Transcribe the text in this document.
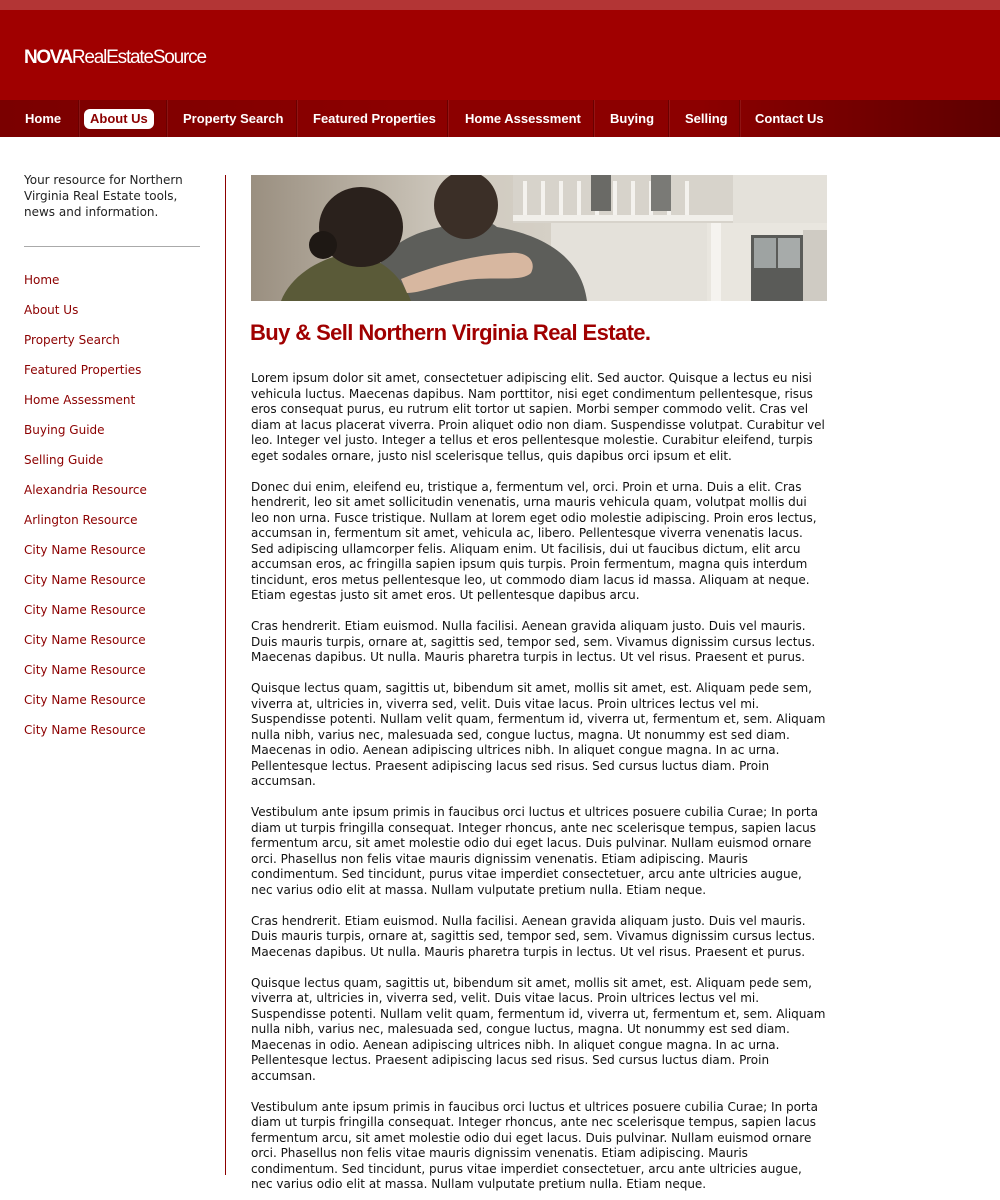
NOVARealEstateSource
Home	About Us	Property Search Featured Properties Home Assessment Buying Selling Contact Us

Your resource for Northern Virginia Real Estate tools, news and information.

Home
About Us
Property Search
Featured Properties
Home Assessment
Buying Guide
Selling Guide
Alexandria Resource
Arlington Resource
City Name Resource
City Name Resource
City Name Resource
City Name Resource
City Name Resource
City Name Resource
City Name Resource
Buy & Sell Northern Virginia Real Estate.

Lorem ipsum dolor sit amet, consectetuer adipiscing elit. Sed auctor. Quisque a lectus eu nisi vehicula luctus. Maecenas dapibus. Nam porttitor, nisi eget condimentum pellentesque, risus eros consequat purus, eu rutrum elit tortor ut sapien. Morbi semper commodo velit. Cras vel diam at lacus placerat viverra. Proin aliquet odio non diam. Suspendisse volutpat. Curabitur vel leo. Integer vel justo. Integer a tellus et eros pellentesque molestie. Curabitur eleifend, turpis eget sodales ornare, justo nisl scelerisque tellus, quis dapibus orci ipsum et elit.

Donec dui enim, eleifend eu, tristique a, fermentum vel, orci. Proin et urna. Duis a elit. Cras hendrerit, leo sit amet sollicitudin venenatis, urna mauris vehicula quam, volutpat mollis dui leo non urna. Fusce tristique. Nullam at lorem eget odio molestie adipiscing. Proin eros lectus, accumsan in, fermentum sit amet, vehicula ac, libero. Pellentesque viverra venenatis lacus. Sed adipiscing ullamcorper felis. Aliquam enim. Ut facilisis, dui ut faucibus dictum, elit arcu accumsan eros, ac fringilla sapien ipsum quis turpis. Proin fermentum, magna quis interdum tincidunt, eros metus pellentesque leo, ut commodo diam lacus id massa. Aliquam at neque. Etiam egestas justo sit amet eros. Ut pellentesque dapibus arcu.

Cras hendrerit. Etiam euismod. Nulla facilisi. Aenean gravida aliquam justo. Duis vel mauris. Duis mauris turpis, ornare at, sagittis sed, tempor sed, sem. Vivamus dignissim cursus lectus. Maecenas dapibus. Ut nulla. Mauris pharetra turpis in lectus. Ut vel risus. Praesent et purus.

Quisque lectus quam, sagittis ut, bibendum sit amet, mollis sit amet, est. Aliquam pede sem, viverra at, ultricies in, viverra sed, velit. Duis vitae lacus. Proin ultrices lectus vel mi. Suspendisse potenti. Nullam velit quam, fermentum id, viverra ut, fermentum et, sem. Aliquam nulla nibh, varius nec, malesuada sed, congue luctus, magna. Ut nonummy est sed diam. Maecenas in odio. Aenean adipiscing ultrices nibh. In aliquet congue magna. In ac urna. Pellentesque lectus. Praesent adipiscing lacus sed risus. Sed cursus luctus diam. Proin accumsan.

Vestibulum ante ipsum primis in faucibus orci luctus et ultrices posuere cubilia Curae; In porta diam ut turpis fringilla consequat. Integer rhoncus, ante nec scelerisque tempus, sapien lacus fermentum arcu, sit amet molestie odio dui eget lacus. Duis pulvinar. Nullam euismod ornare orci. Phasellus non felis vitae mauris dignissim venenatis. Etiam adipiscing. Mauris condimentum. Sed tincidunt, purus vitae imperdiet consectetuer, arcu ante ultricies augue, nec varius odio elit at massa. Nullam vulputate pretium nulla. Etiam neque.

Cras hendrerit. Etiam euismod. Nulla facilisi. Aenean gravida aliquam justo. Duis vel mauris. Duis mauris turpis, ornare at, sagittis sed, tempor sed, sem. Vivamus dignissim cursus lectus. Maecenas dapibus. Ut nulla. Mauris pharetra turpis in lectus. Ut vel risus. Praesent et purus.

Quisque lectus quam, sagittis ut, bibendum sit amet, mollis sit amet, est. Aliquam pede sem, viverra at, ultricies in, viverra sed, velit. Duis vitae lacus. Proin ultrices lectus vel mi. Suspendisse potenti. Nullam velit quam, fermentum id, viverra ut, fermentum et, sem. Aliquam nulla nibh, varius nec, malesuada sed, congue luctus, magna. Ut nonummy est sed diam. Maecenas in odio. Aenean adipiscing ultrices nibh. In aliquet congue magna. In ac urna. Pellentesque lectus. Praesent adipiscing lacus sed risus. Sed cursus luctus diam. Proin accumsan.

Vestibulum ante ipsum primis in faucibus orci luctus et ultrices posuere cubilia Curae; In porta diam ut turpis fringilla consequat. Integer rhoncus, ante nec scelerisque tempus, sapien lacus fermentum arcu, sit amet molestie odio dui eget lacus. Duis pulvinar. Nullam euismod ornare orci. Phasellus non felis vitae mauris dignissim venenatis. Etiam adipiscing. Mauris condimentum. Sed tincidunt, purus vitae imperdiet consectetuer, arcu ante ultricies augue, nec varius odio elit at massa. Nullam vulputate pretium nulla. Etiam neque.
